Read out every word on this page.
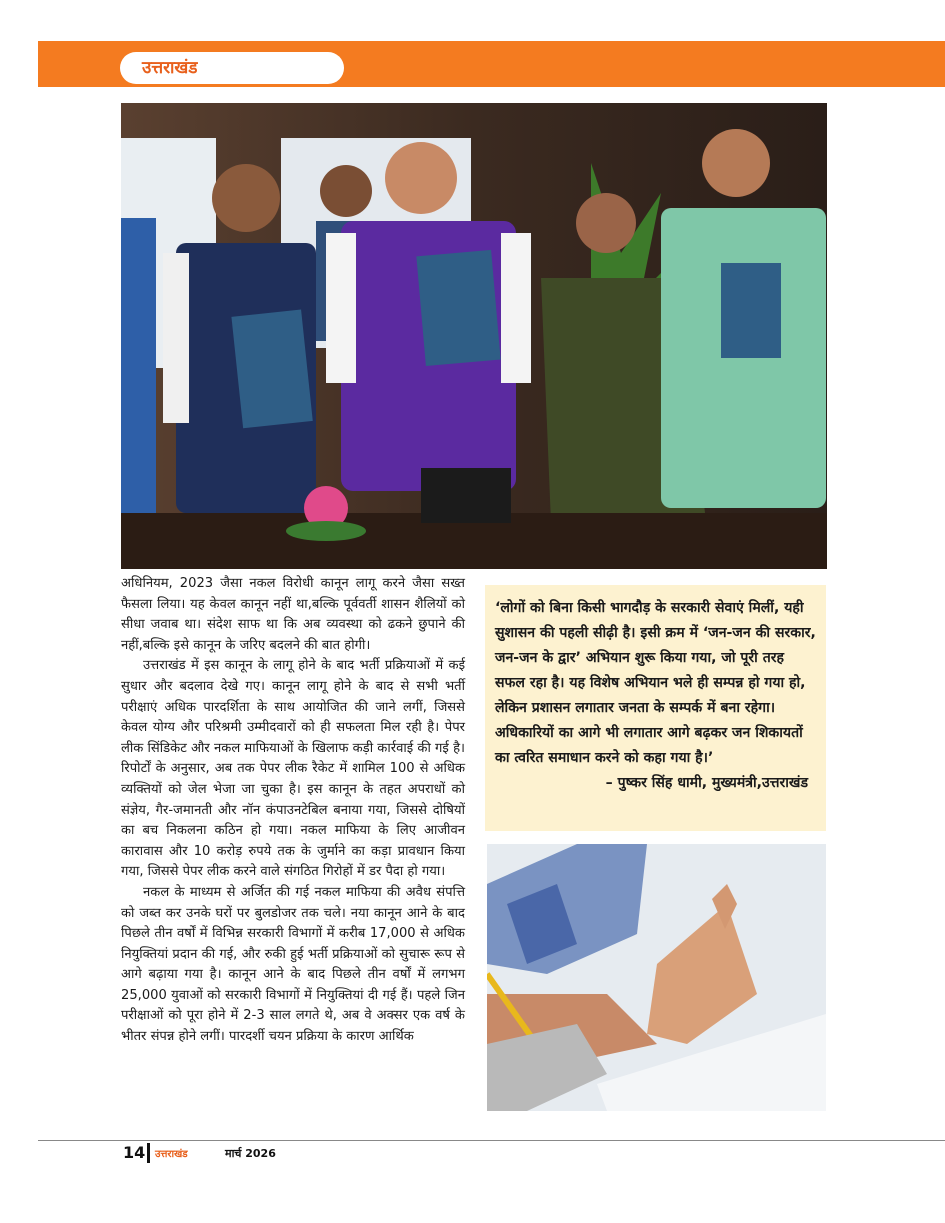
उत्तराखंड

अधिनियम, 2023 जैसा नकल विरोधी कानून लागू करने जैसा सख्त फैसला लिया। यह केवल कानून नहीं था,बल्कि पूर्ववर्ती शासन शैलियों को सीधा जवाब था। संदेश साफ था कि अब व्यवस्था को ढकने छुपाने की नहीं,बल्कि इसे कानून के जरिए बदलने की बात होगी।

उत्तराखंड में इस कानून के लागू होने के बाद भर्ती प्रक्रियाओं में कई सुधार और बदलाव देखे गए। कानून लागू होने के बाद से सभी भर्ती परीक्षाएं अधिक पारदर्शिता के साथ आयोजित की जाने लगीं, जिससे केवल योग्य और परिश्रमी उम्मीदवारों को ही सफलता मिल रही है। पेपर लीक सिंडिकेट और नकल माफियाओं के खिलाफ कड़ी कार्रवाई की गई है। रिपोर्टों के अनुसार, अब तक पेपर लीक रैकेट में शामिल 100 से अधिक व्यक्तियों को जेल भेजा जा चुका है। इस कानून के तहत अपराधों को संज्ञेय, गैर-जमानती और नॉन कंपाउनटेबिल बनाया गया, जिससे दोषियों का बच निकलना कठिन हो गया। नकल माफिया के लिए आजीवन कारावास और 10 करोड़ रुपये तक के जुर्माने का कड़ा प्रावधान किया गया, जिससे पेपर लीक करने वाले संगठित गिरोहों में डर पैदा हो गया।

नकल के माध्यम से अर्जित की गई नकल माफिया की अवैध संपत्ति को जब्त कर उनके घरों पर बुलडोजर तक चले। नया कानून आने के बाद पिछले तीन वर्षों में विभिन्न सरकारी विभागों में करीब 17,000 से अधिक नियुक्तियां प्रदान की गई, और रुकी हुई भर्ती प्रक्रियाओं को सुचारू रूप से आगे बढ़ाया गया है। कानून आने के बाद पिछले तीन वर्षों में लगभग 25,000 युवाओं को सरकारी विभागों में नियुक्तियां दी गई हैं। पहले जिन परीक्षाओं को पूरा होने में 2-3 साल लगते थे, अब वे अक्सर एक वर्ष के भीतर संपन्न होने लगीं। पारदर्शी चयन प्रक्रिया के कारण आर्थिक

‘लोगों को बिना किसी भागदौड़ के सरकारी सेवाएं मिलीं, यही सुशासन की पहली सीढ़ी है। इसी क्रम में ‘जन-जन की सरकार, जन-जन के द्वार’ अभियान शुरू किया गया, जो पूरी तरह सफल रहा है। यह विशेष अभियान भले ही सम्पन्न हो गया हो, लेकिन प्रशासन लगातार जनता के सम्पर्क में बना रहेगा। अधिकारियों का आगे भी लगातार आगे बढ़कर जन शिकायतों का त्वरित समाधान करने को कहा गया है।’

– पुष्कर सिंह धामी, मुख्यमंत्री,उत्तराखंड

14 उत्तराखंड	मार्च 2026
